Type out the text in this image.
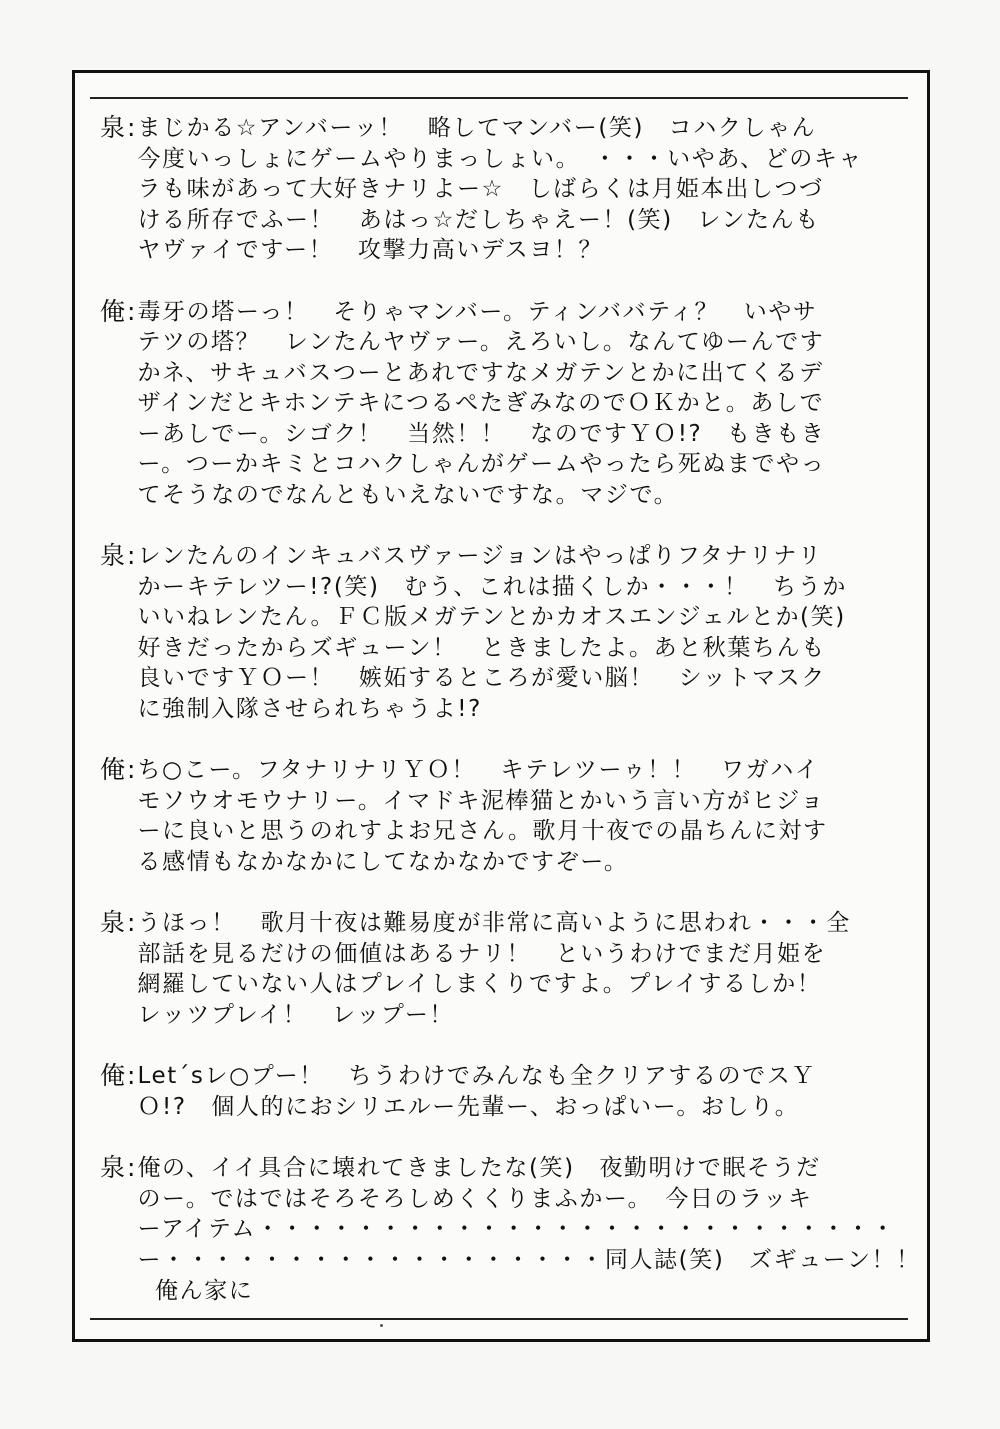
泉: まじかる☆アンバーッ！　略してマンバー(笑)　コハクしゃん
今度いっしょにゲームやりまっしょい。　・・・いやあ、どのキャ
ラも味があって大好きナリよー☆　しばらくは月姫本出しつづ
ける所存でふー！　あはっ☆だしちゃえー！(笑)　レンたんも
ヤヴァイですー！　攻撃力高いデスヨ！？
俺: 毒牙の塔ーっ！　そりゃマンバー。ティンババティ？　いやサ
テツの塔？　レンたんヤヴァー。えろいし。なんてゆーんです
かネ、サキュバスつーとあれですなメガテンとかに出てくるデ
ザインだとキホンテキにつるぺたぎみなのでＯＫかと。あしで
ーあしでー。シゴク！　当然！！　なのですＹＯ!?　もきもき
ー。つーかキミとコハクしゃんがゲームやったら死ぬまでやっ
てそうなのでなんともいえないですな。マジで。
泉: レンたんのインキュバスヴァージョンはやっぱりフタナリナリ
かーキテレツー!?(笑)　むう、これは描くしか・・・！　ちうか
いいねレンたん。ＦＣ版メガテンとかカオスエンジェルとか(笑)
好きだったからズギューン！　ときましたよ。あと秋葉ちんも
良いですＹＯー！　嫉妬するところが愛い脳！　シットマスク
に強制入隊させられちゃうよ!?
俺: ち○こー。フタナリナリＹＯ！　キテレツーゥ！！　ワガハイ
モソウオモウナリー。イマドキ泥棒猫とかいう言い方がヒジョ
ーに良いと思うのれすよお兄さん。歌月十夜での晶ちんに対す
る感情もなかなかにしてなかなかですぞー。
泉: うほっ！　歌月十夜は難易度が非常に高いように思われ・・・全
部話を見るだけの価値はあるナリ！　というわけでまだ月姫を
網羅していない人はプレイしまくりですよ。プレイするしか！
レッツプレイ！　レップー！
俺: Let´sレ○プー！　ちうわけでみんなも全クリアするのでスＹ
Ｏ!?　個人的におシリエルー先輩ー、おっぱいー。おしり。
泉: 俺の、イイ具合に壊れてきましたな(笑)　夜勤明けで眠そうだ
のー。ではではそろそろしめくくりまふかー。　今日のラッキ
ーアイテム・・・・・・・・・・・・・・・・・・・・・・・・・・
ー・・・・・・・・・・・・・・・・・・同人誌(笑)　ズギューン！！
俺ん家に
